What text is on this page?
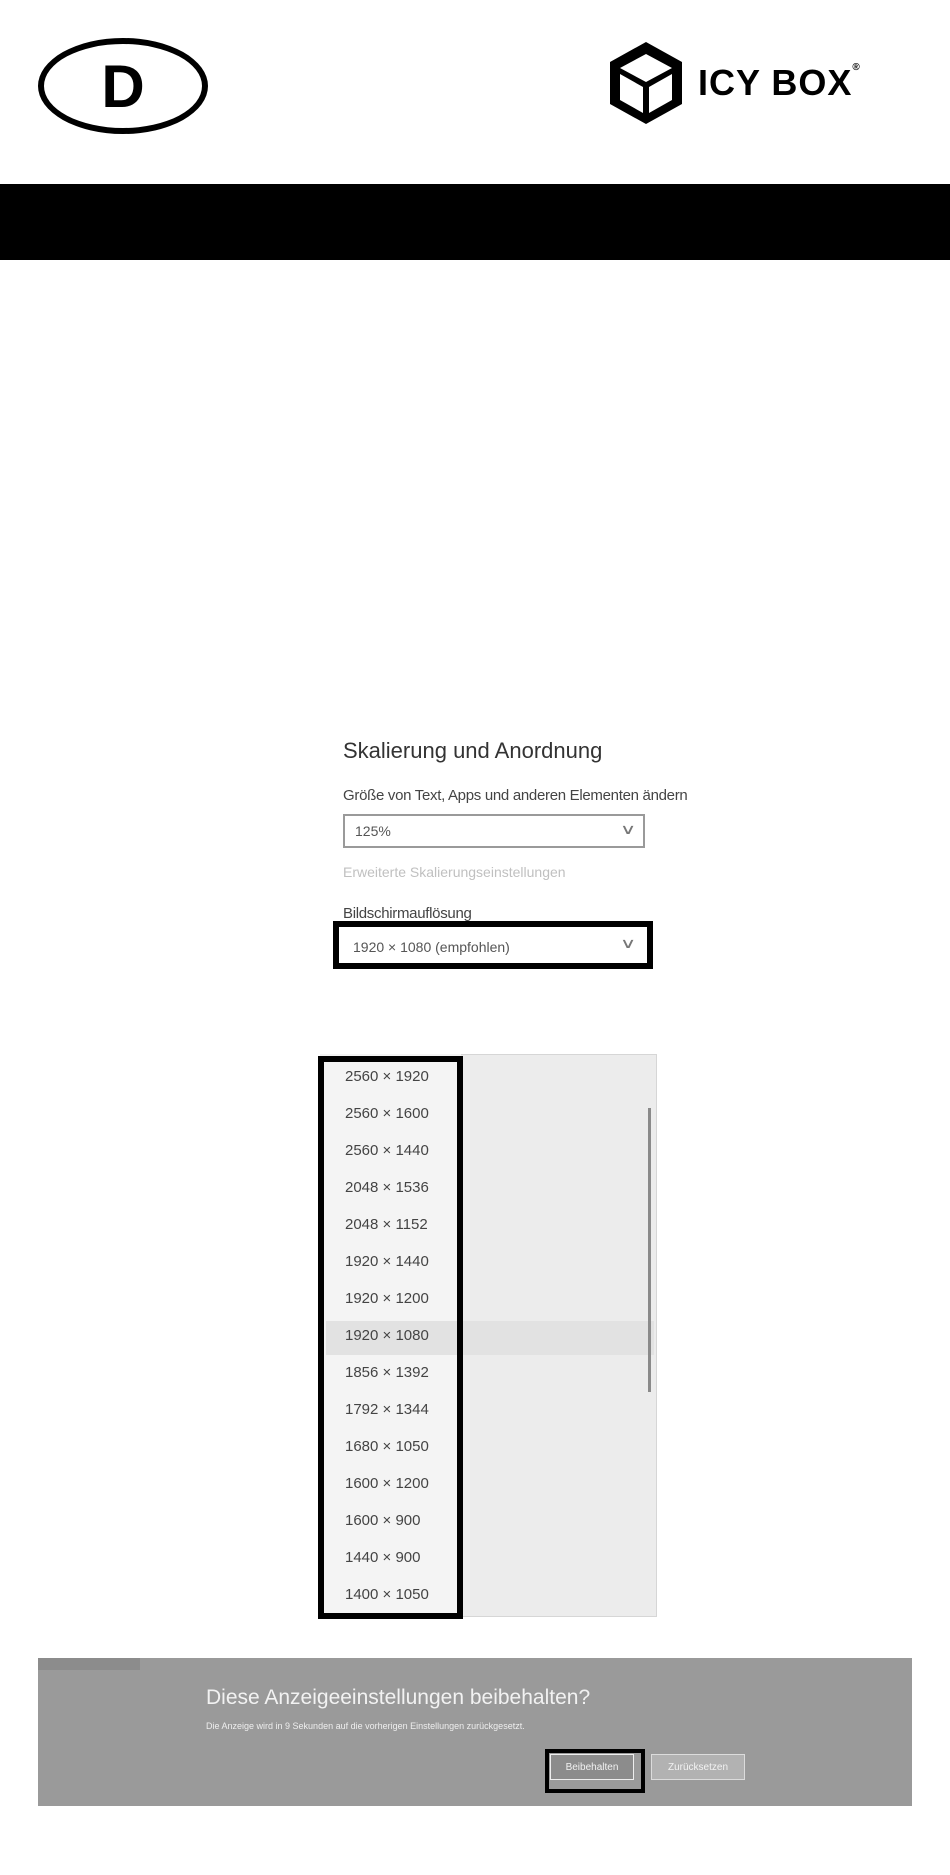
D	ICY BOX®
Skalierung und Anordnung
Größe von Text, Apps und anderen Elementen ändern
125%	∨
Erweiterte Skalierungseinstellungen
Bildschirmauflösung
1920 × 1080 (empfohlen)	∨
2560 × 1920
2560 × 1600
2560 × 1440
2048 × 1536
2048 × 1152
1920 × 1440
1920 × 1200
1920 × 1080
1856 × 1392
1792 × 1344
1680 × 1050
1600 × 1200
1600 × 900
1440 × 900
1400 × 1050
Diese Anzeigeeinstellungen beibehalten?
Die Anzeige wird in 9 Sekunden auf die vorherigen Einstellungen zurückgesetzt.
Beibehalten	Zurücksetzen
